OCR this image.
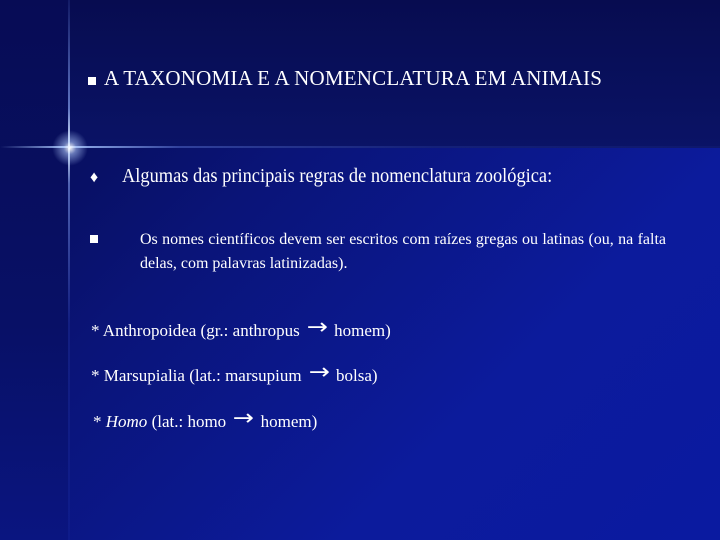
A TAXONOMIA E A NOMENCLATURA EM ANIMAIS
♦	Algumas das principais regras de nomenclatura zoológica:
Os nomes científicos devem ser escritos com raízes gregas ou latinas (ou, na falta delas, com palavras latinizadas).
* Anthropoidea (gr.: anthropus → homem)
* Marsupialia (lat.: marsupium → bolsa)
* Homo (lat.: homo → homem)
